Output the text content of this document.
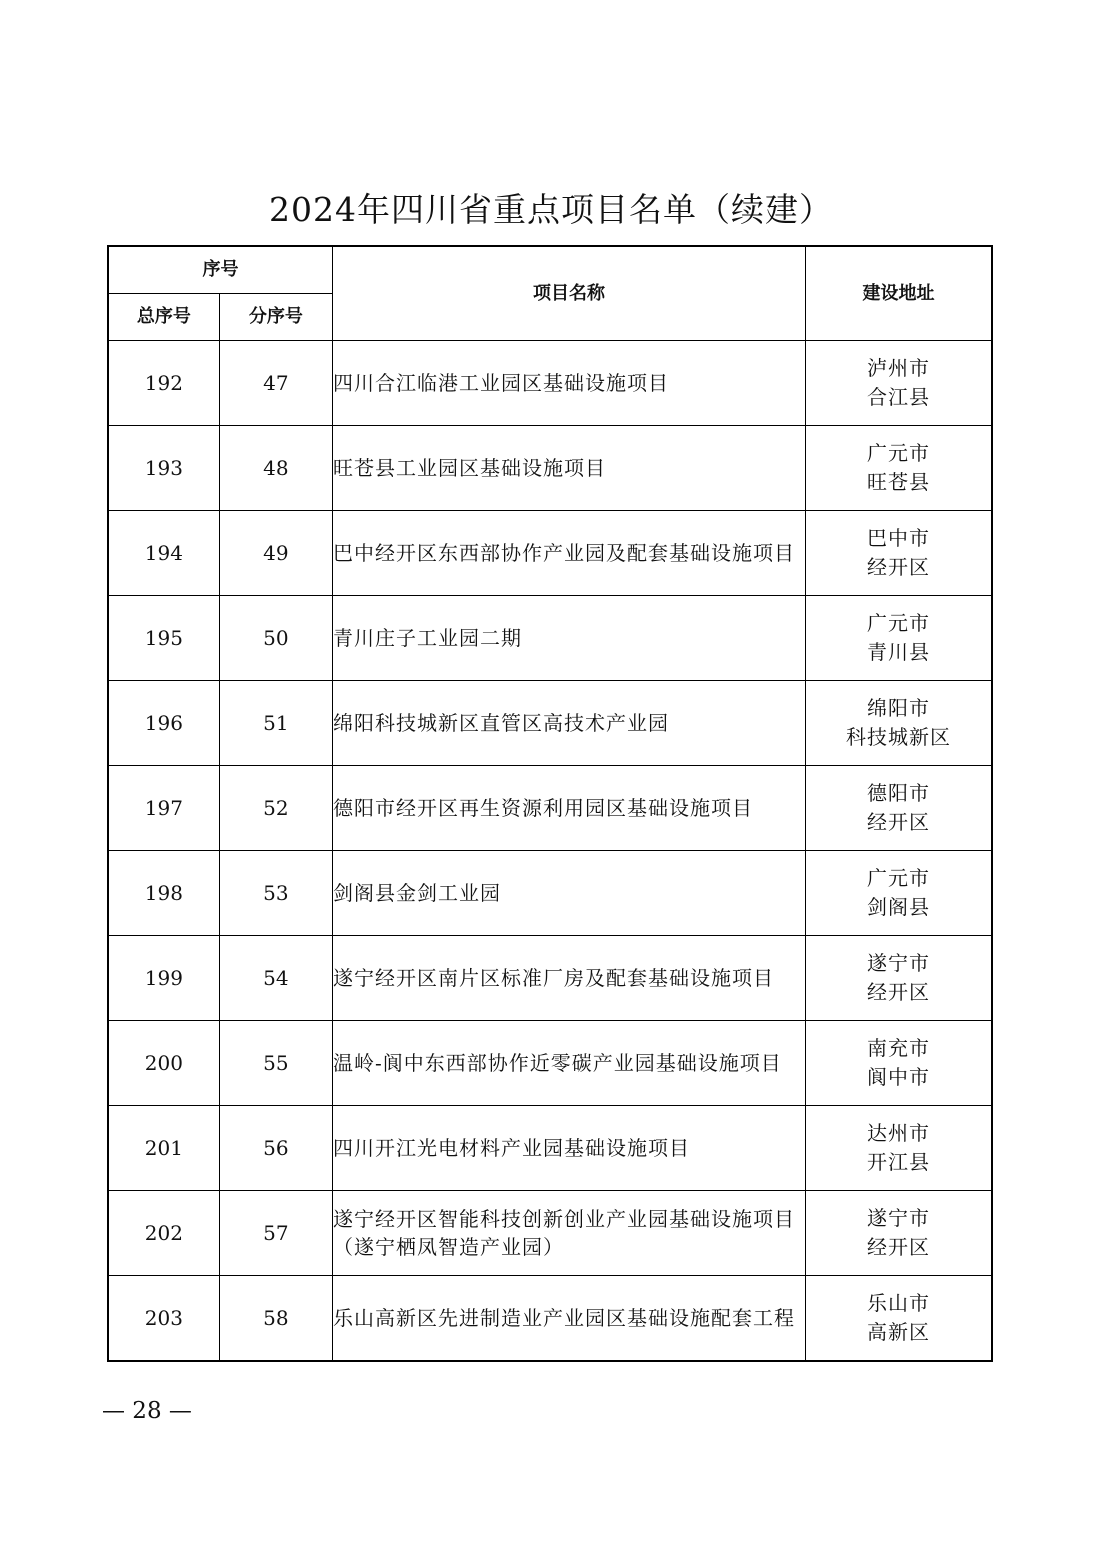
2024年四川省重点项目名单（续建）
序号		项目名称	建设地址
总序号	分序号		
192	47	四川合江临港工业园区基础设施项目	泸州市
合江县

193	48	旺苍县工业园区基础设施项目	广元市
旺苍县

194	49	巴中经开区东西部协作产业园及配套基础设施项目	巴中市
经开区

195	50	青川庄子工业园二期	广元市
青川县

196	51	绵阳科技城新区直管区高技术产业园	绵阳市
科技城新区

197	52	德阳市经开区再生资源利用园区基础设施项目	德阳市
经开区

198	53	剑阁县金剑工业园	广元市
剑阁县

199	54	遂宁经开区南片区标准厂房及配套基础设施项目	遂宁市
经开区

200	55	温岭-阆中东西部协作近零碳产业园基础设施项目	南充市
阆中市

201	56	四川开江光电材料产业园基础设施项目	达州市
开江县

202	57	遂宁经开区智能科技创新创业产业园基础设施项目（遂宁栖凤智造产业园）	遂宁市
经开区

203	58	乐山高新区先进制造业产业园区基础设施配套工程	乐山市
高新区
— 28 —
